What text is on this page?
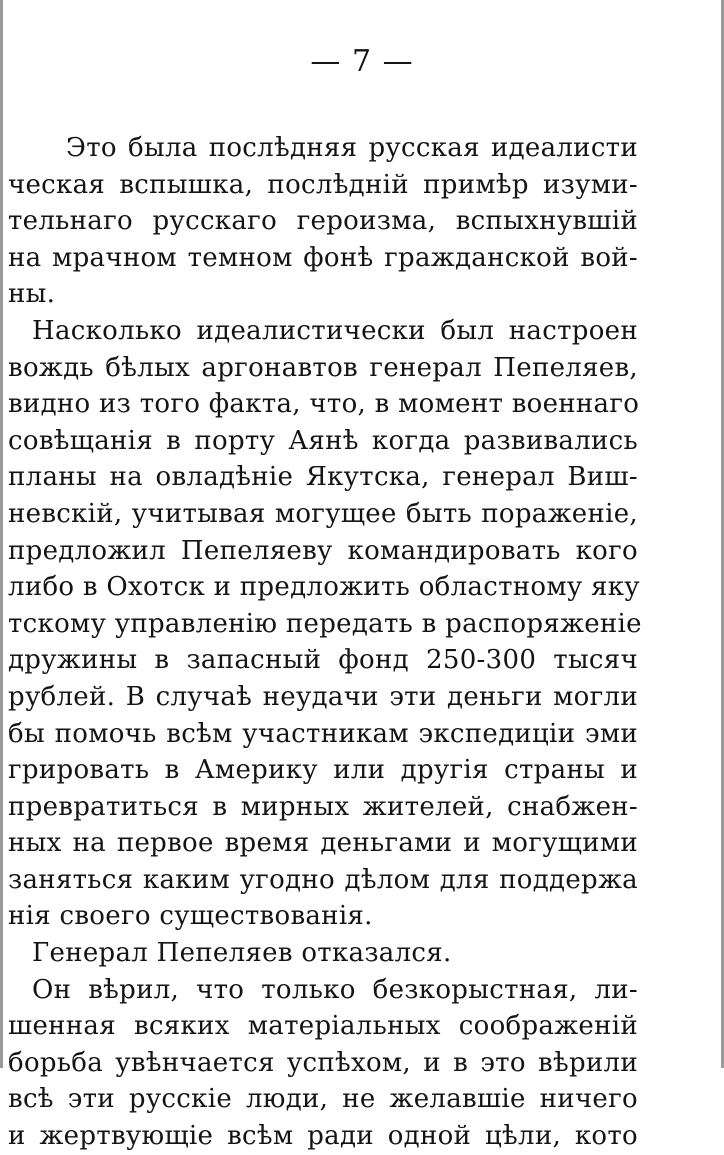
— 7 —
Это была послѣдняя русская идеалисти
ческая вспышка, послѣднiй примѣр изуми-
тельнаго русскаго героизма, вспыхнувшiй
на мрачном темном фонѣ гражданской вой-
ны.
Насколько идеалистически был настроен
вождь бѣлых аргонавтов генерал Пепеляев,
видно из того факта, что, в момент военнаго
совѣщанiя в порту Аянѣ когда развивались
планы на овладѣнiе Якутска, генерал Виш-
невскiй, учитывая могущее быть пораженiе,
предложил Пепеляеву командировать кого
либо в Охотск и предложить областному яку
тскому управленiю передать в распоряженiе
дружины в запасный фонд 250-300 тысяч
рублей. В случаѣ неудачи эти деньги могли
бы помочь всѣм участникам экспедицiи эми
грировать в Америку или другiя страны и
превратиться в мирных жителей, снабжен-
ных на первое время деньгами и могущими
заняться каким угодно дѣлом для поддержа
нiя своего существованiя.
Генерал Пепеляев отказался.
Он вѣрил, что только безкорыстная, ли-
шенная всяких матерiальных соображенiй
борьба увѣнчается успѣхом, и в это вѣрили
всѣ эти русскiе люди, не желавшiе ничего
и жертвующiе всѣм ради одной цѣли, кото
